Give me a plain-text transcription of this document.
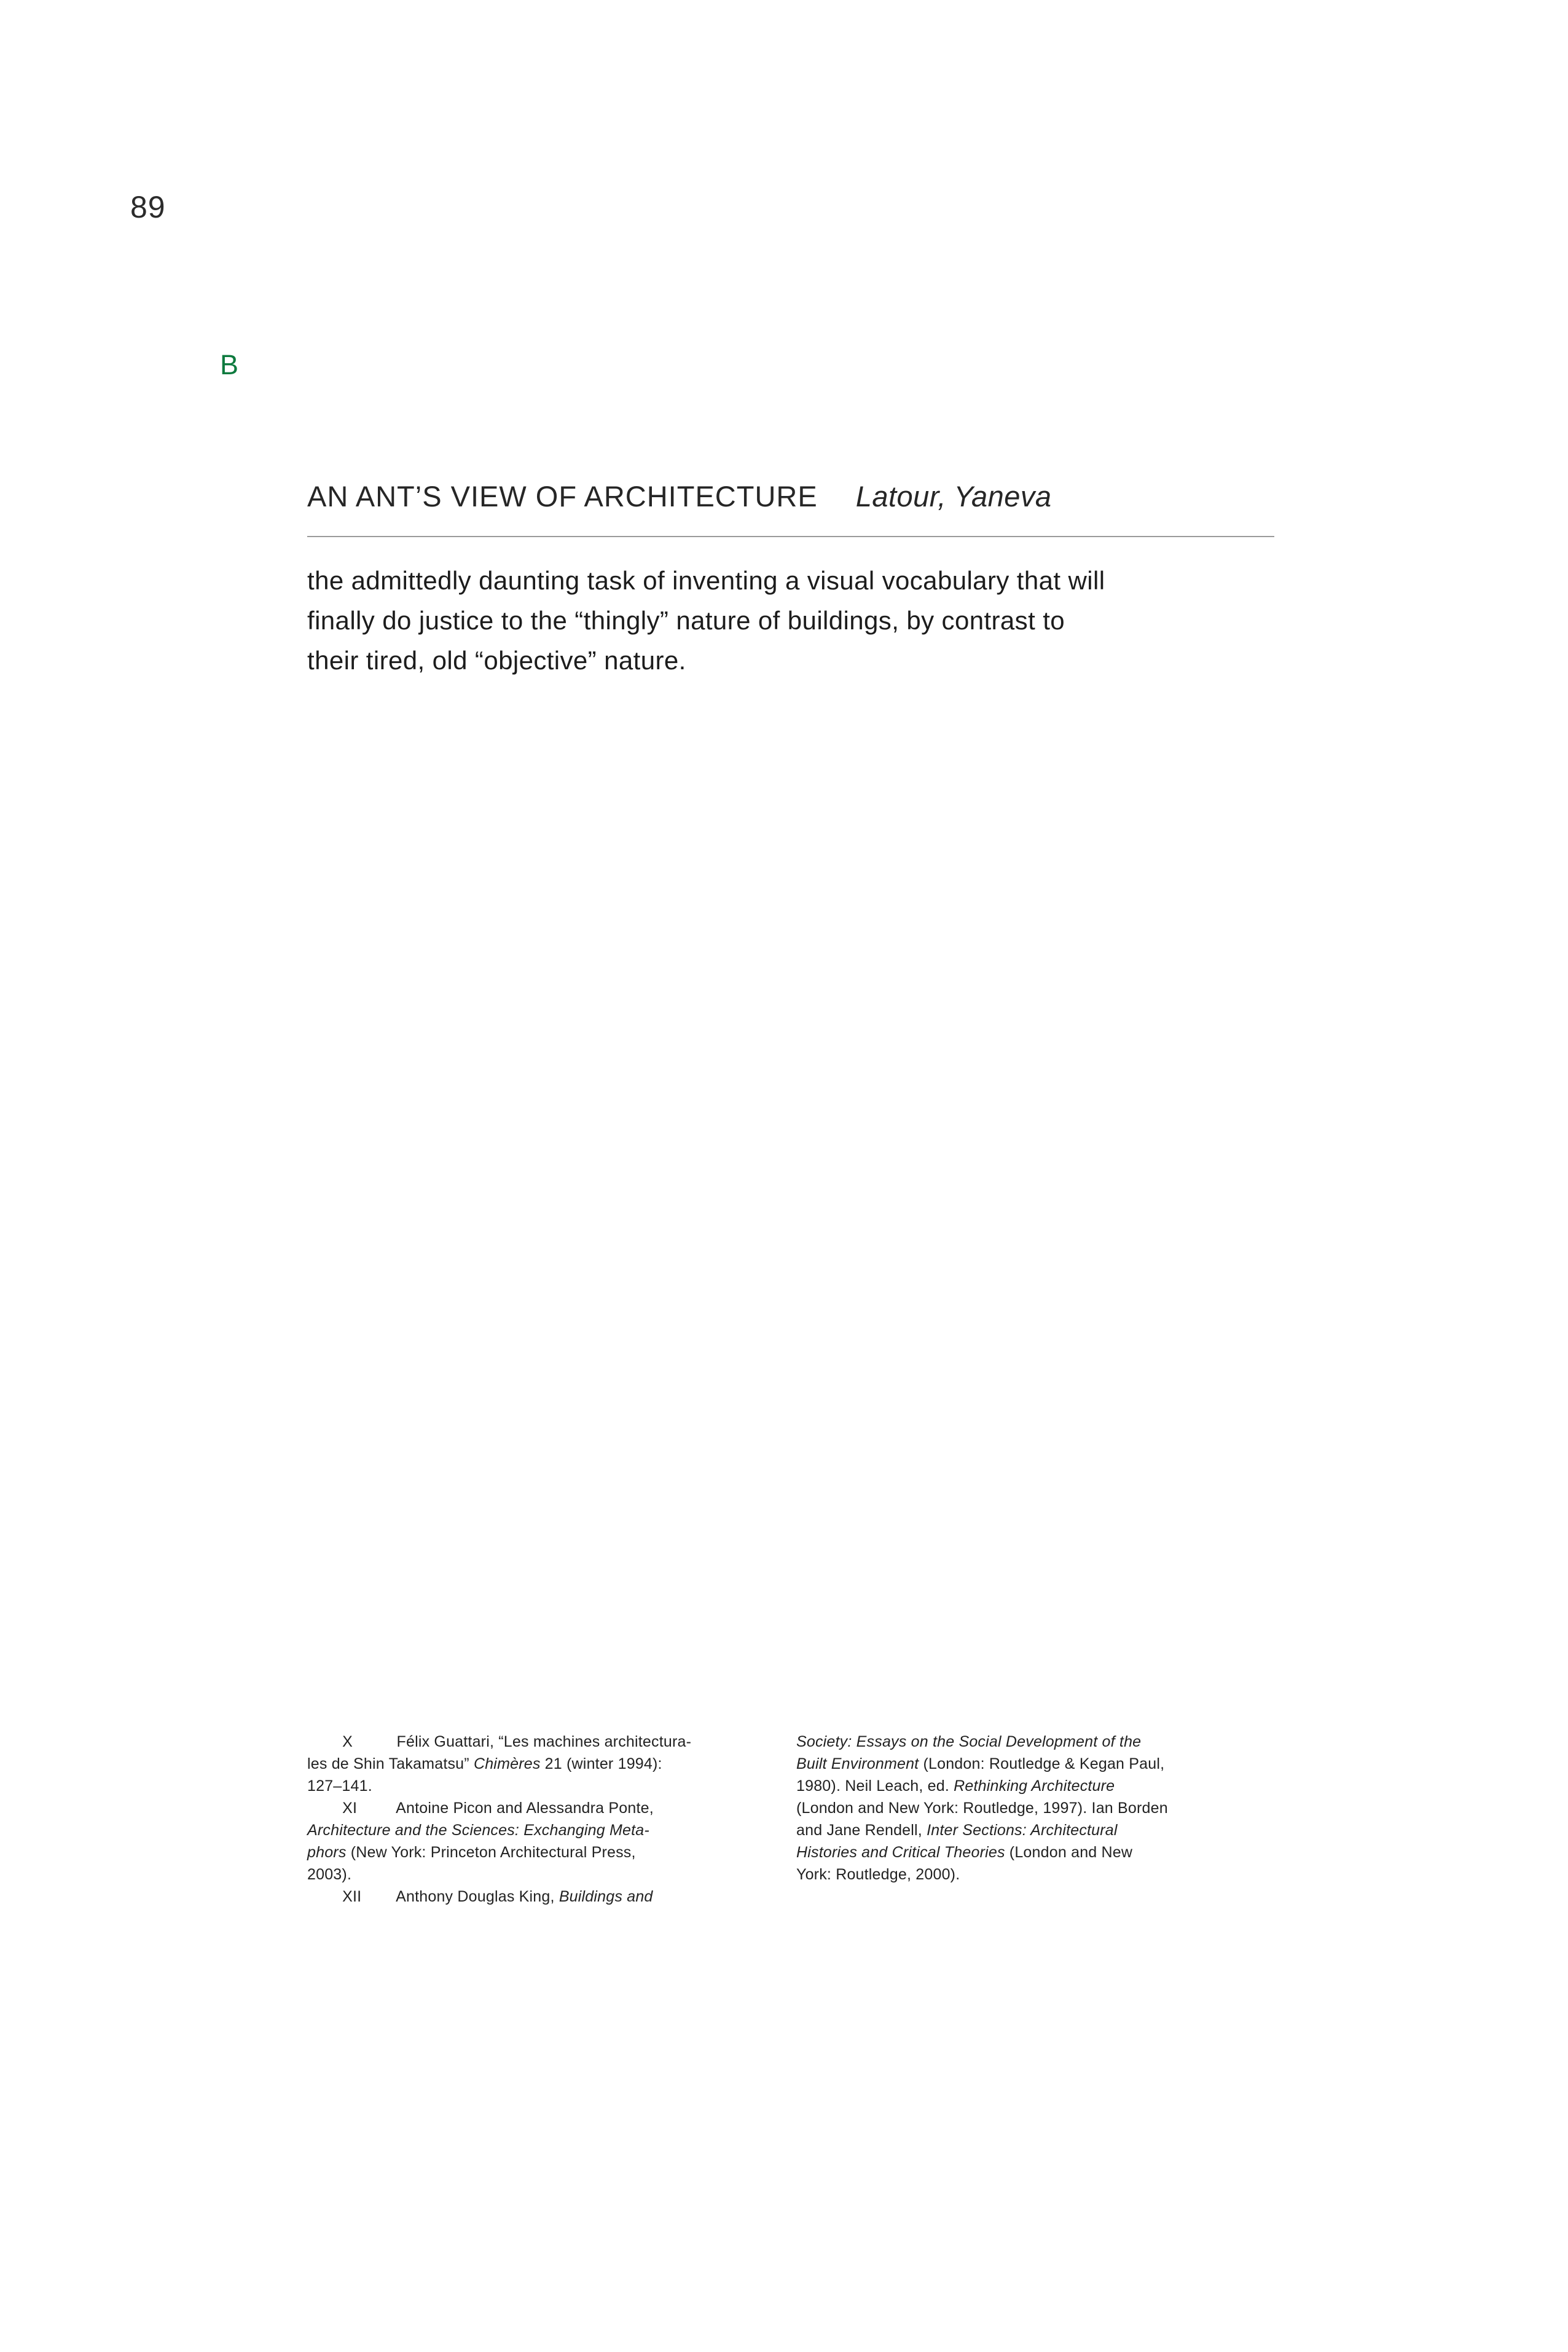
89
B
AN ANT’S VIEW OF ARCHITECTURE Latour, Yaneva
the admittedly daunting task of inventing a visual vocabulary that will
finally do justice to the “thingly” nature of buildings, by contrast to
their tired, old “objective” nature.
X          Félix Guattari, “Les machines architectura-
les de Shin Takamatsu” Chimères 21 (winter 1994):
127–141.
XI         Antoine Picon and Alessandra Ponte,
Architecture and the Sciences: Exchanging Meta-
phors (New York: Princeton Architectural Press,
2003).
XII        Anthony Douglas King, Buildings and
Society: Essays on the Social Development of the
Built Environment (London: Routledge & Kegan Paul,
1980). Neil Leach, ed. Rethinking Architecture
(London and New York: Routledge, 1997). Ian Borden
and Jane Rendell, Inter Sections: Architectural
Histories and Critical Theories (London and New
York: Routledge, 2000).
